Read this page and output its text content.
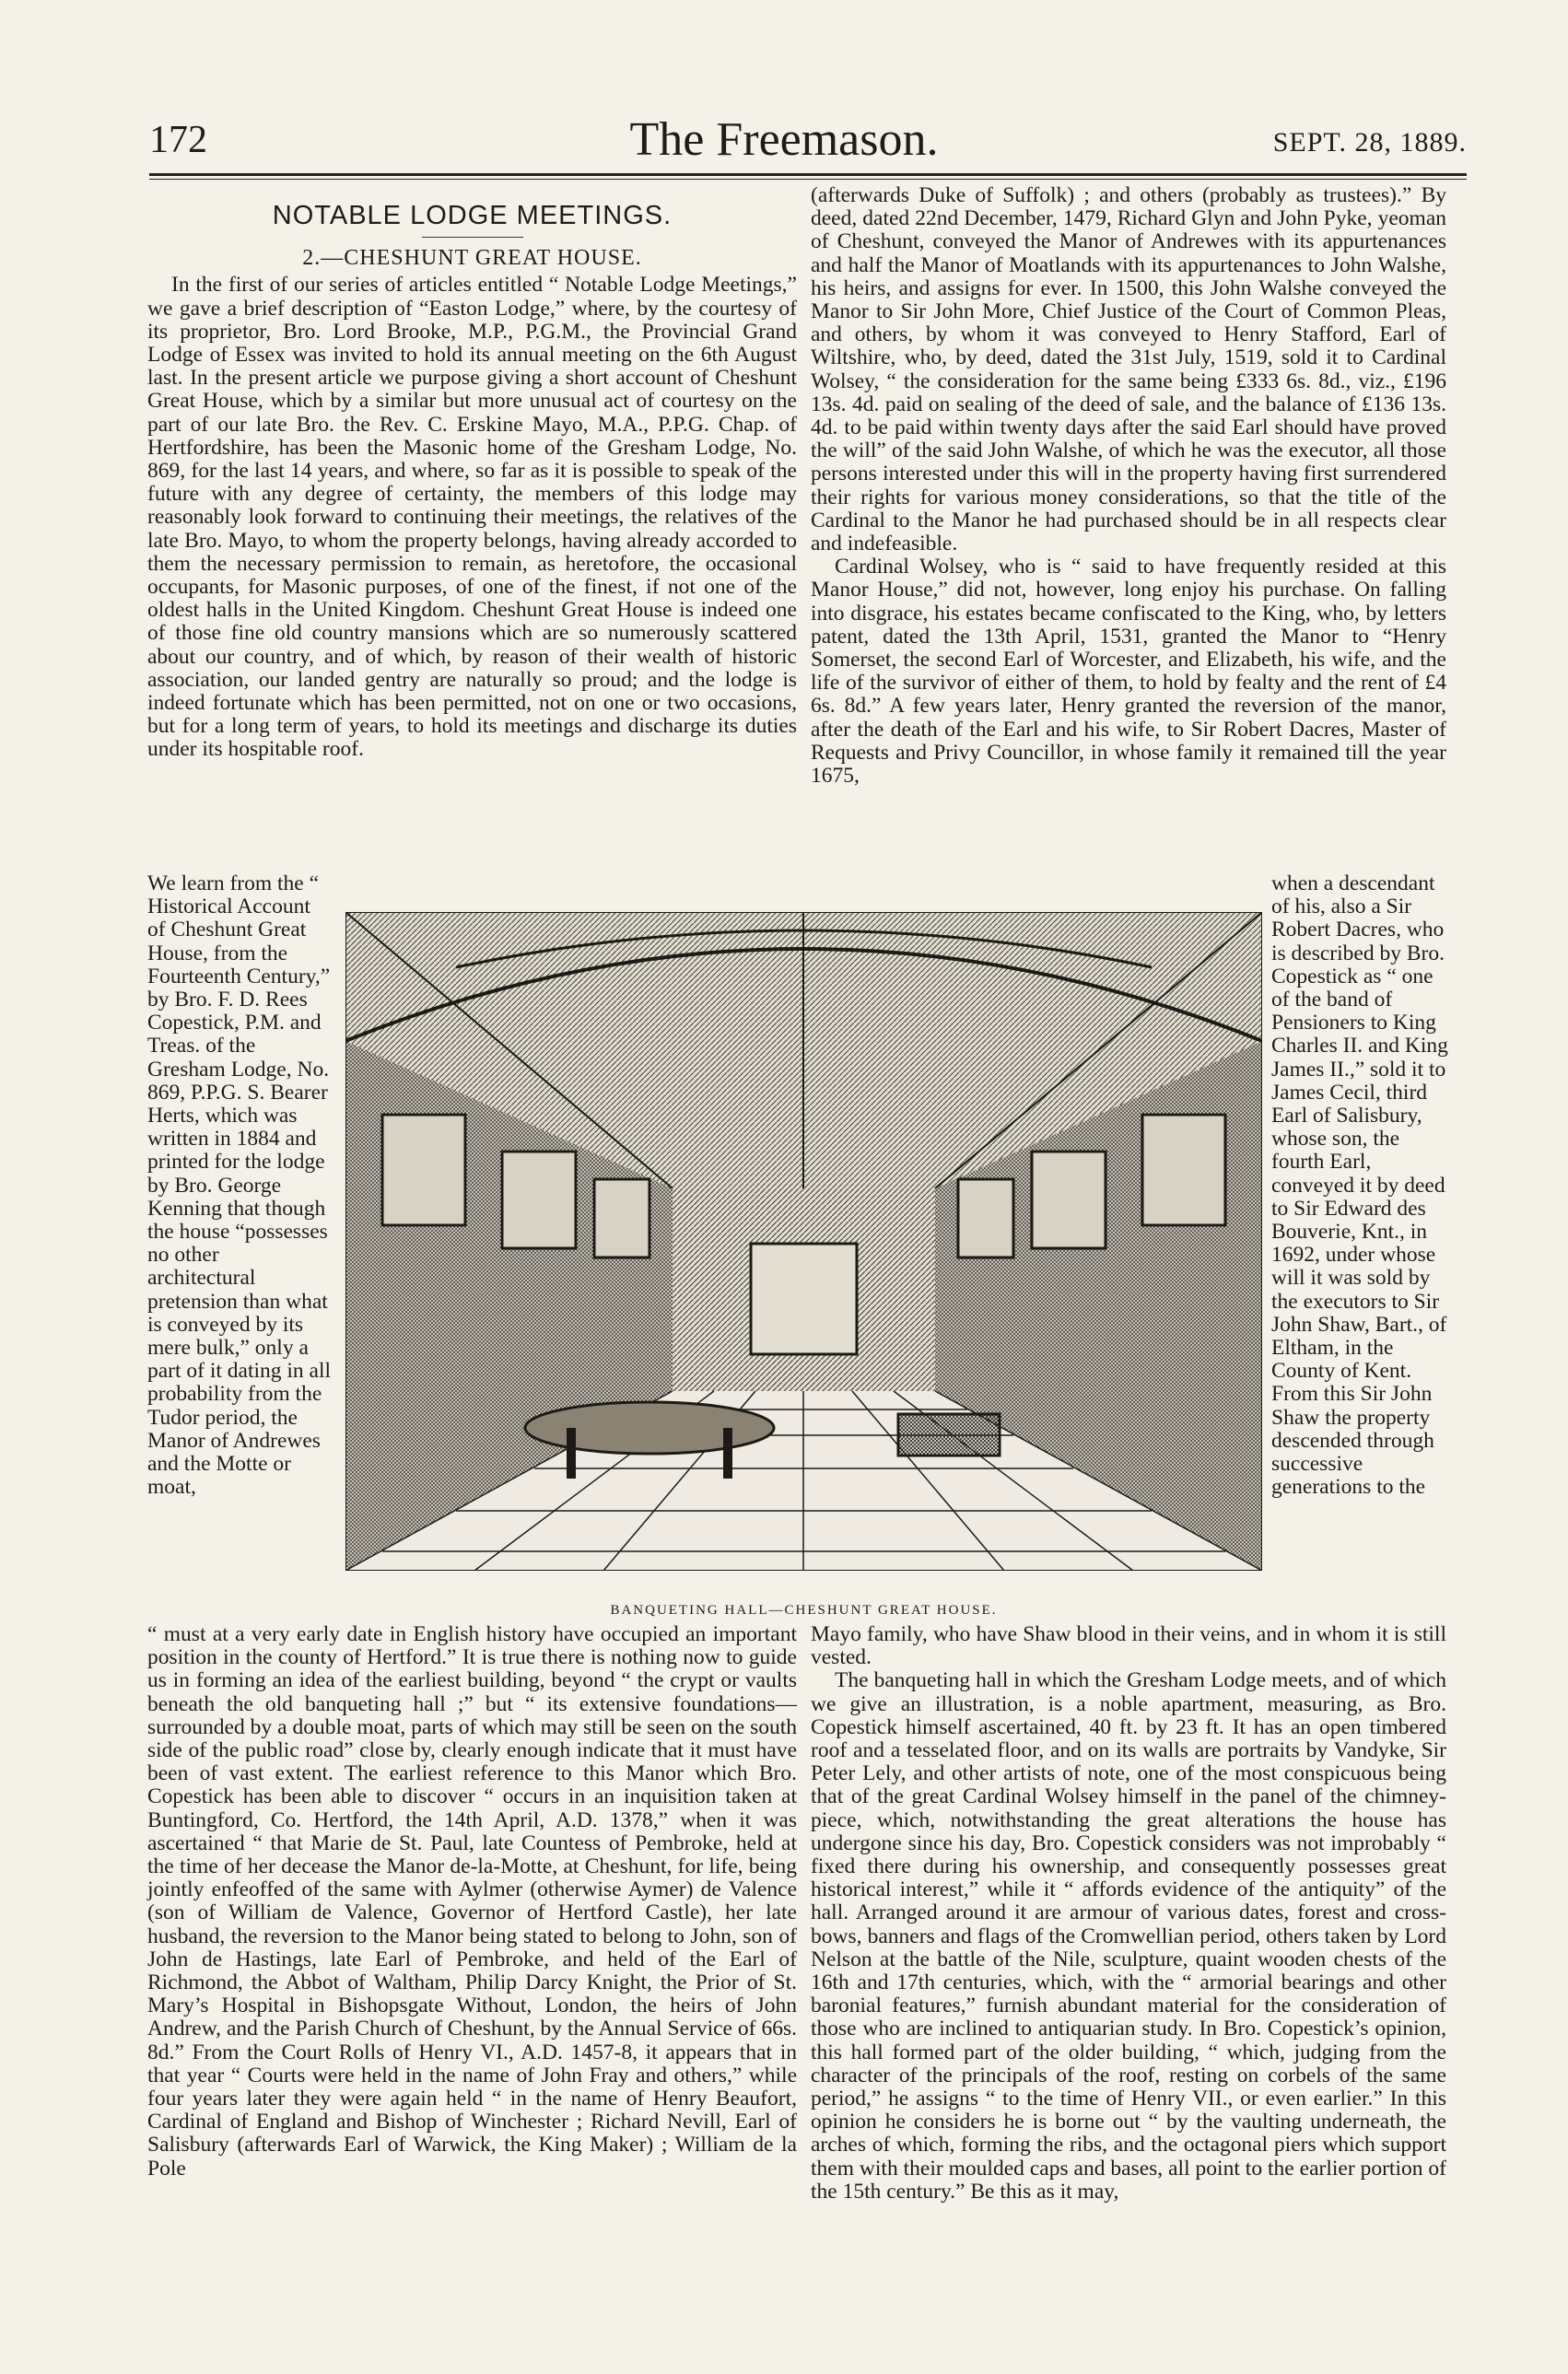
172	The Freemason.	SEPT. 28, 1889.
NOTABLE LODGE MEETINGS.
2.—CHESHUNT GREAT HOUSE.

In the first of our series of articles entitled “ Notable Lodge Meetings,” we gave a brief description of “Easton Lodge,” where, by the courtesy of its proprietor, Bro. Lord Brooke, M.P., P.G.M., the Provincial Grand Lodge of Essex was invited to hold its annual meeting on the 6th August last. In the present article we purpose giving a short account of Cheshunt Great House, which by a similar but more unusual act of courtesy on the part of our late Bro. the Rev. C. Erskine Mayo, M.A., P.P.G. Chap. of Hertfordshire, has been the Masonic home of the Gresham Lodge, No. 869, for the last 14 years, and where, so far as it is possible to speak of the future with any degree of certainty, the members of this lodge may reasonably look forward to continuing their meetings, the relatives of the late Bro. Mayo, to whom the property belongs, having already accorded to them the necessary permission to remain, as heretofore, the occasional occupants, for Masonic purposes, of one of the finest, if not one of the oldest halls in the United Kingdom. Cheshunt Great House is indeed one of those fine old country mansions which are so numerously scattered about our country, and of which, by reason of their wealth of historic association, our landed gentry are naturally so proud; and the lodge is indeed fortunate which has been permitted, not on one or two occasions, but for a long term of years, to hold its meetings and discharge its duties under its hospitable roof.

We learn from the “ Historical Account of Cheshunt Great House, from the Fourteenth Century,” by Bro. F. D. Rees Copestick, P.M. and Treas. of the Gresham Lodge, No. 869, P.P.G. S. Bearer Herts, which was written in 1884 and printed for the lodge by Bro. George Kenning that though the house “possesses no other architectural pretension than what is conveyed by its mere bulk,” only a part of it dating in all probability from the Tudor period, the Manor of Andrewes and the Motte or moat,

BANQUETING HALL—CHESHUNT GREAT HOUSE.

“ must at a very early date in English history have occupied an important position in the county of Hertford.” It is true there is nothing now to guide us in forming an idea of the earliest building, beyond “ the crypt or vaults beneath the old banqueting hall ;” but “ its extensive foundations—surrounded by a double moat, parts of which may still be seen on the south side of the public road” close by, clearly enough indicate that it must have been of vast extent. The earliest reference to this Manor which Bro. Copestick has been able to discover “ occurs in an inquisition taken at Buntingford, Co. Hertford, the 14th April, A.D. 1378,” when it was ascertained “ that Marie de St. Paul, late Countess of Pembroke, held at the time of her decease the Manor de-la-Motte, at Cheshunt, for life, being jointly enfeoffed of the same with Aylmer (otherwise Aymer) de Valence (son of William de Valence, Governor of Hertford Castle), her late husband, the reversion to the Manor being stated to belong to John, son of John de Hastings, late Earl of Pembroke, and held of the Earl of Richmond, the Abbot of Waltham, Philip Darcy Knight, the Prior of St. Mary’s Hospital in Bishopsgate Without, London, the heirs of John Andrew, and the Parish Church of Cheshunt, by the Annual Service of 66s. 8d.” From the Court Rolls of Henry VI., A.D. 1457-8, it appears that in that year “ Courts were held in the name of John Fray and others,” while four years later they were again held “ in the name of Henry Beaufort, Cardinal of England and Bishop of Winchester ; Richard Nevill, Earl of Salisbury (afterwards Earl of Warwick, the King Maker) ; William de la Pole

(afterwards Duke of Suffolk) ; and others (probably as trustees).” By deed, dated 22nd December, 1479, Richard Glyn and John Pyke, yeoman of Cheshunt, conveyed the Manor of Andrewes with its appurtenances and half the Manor of Moatlands with its appurtenances to John Walshe, his heirs, and assigns for ever. In 1500, this John Walshe conveyed the Manor to Sir John More, Chief Justice of the Court of Common Pleas, and others, by whom it was conveyed to Henry Stafford, Earl of Wiltshire, who, by deed, dated the 31st July, 1519, sold it to Cardinal Wolsey, “ the consideration for the same being £333 6s. 8d., viz., £196 13s. 4d. paid on sealing of the deed of sale, and the balance of £136 13s. 4d. to be paid within twenty days after the said Earl should have proved the will” of the said John Walshe, of which he was the executor, all those persons interested under this will in the property having first surrendered their rights for various money considerations, so that the title of the Cardinal to the Manor he had purchased should be in all respects clear and indefeasible.

Cardinal Wolsey, who is “ said to have frequently resided at this Manor House,” did not, however, long enjoy his purchase. On falling into disgrace, his estates became confiscated to the King, who, by letters patent, dated the 13th April, 1531, granted the Manor to “Henry Somerset, the second Earl of Worcester, and Elizabeth, his wife, and the life of the survivor of either of them, to hold by fealty and the rent of £4 6s. 8d.” A few years later, Henry granted the reversion of the manor, after the death of the Earl and his wife, to Sir Robert Dacres, Master of Requests and Privy Councillor, in whose family it remained till the year 1675,

when a descendant of his, also a Sir Robert Dacres, who is described by Bro. Copestick as “ one of the band of Pensioners to King Charles II. and King James II.,” sold it to James Cecil, third Earl of Salisbury, whose son, the fourth Earl, conveyed it by deed to Sir Edward des Bouverie, Knt., in 1692, under whose will it was sold by the executors to Sir John Shaw, Bart., of Eltham, in the County of Kent. From this Sir John Shaw the property descended through successive generations to the

Mayo family, who have Shaw blood in their veins, and in whom it is still vested.

The banqueting hall in which the Gresham Lodge meets, and of which we give an illustration, is a noble apartment, measuring, as Bro. Copestick himself ascertained, 40 ft. by 23 ft. It has an open timbered roof and a tesselated floor, and on its walls are portraits by Vandyke, Sir Peter Lely, and other artists of note, one of the most conspicuous being that of the great Cardinal Wolsey himself in the panel of the chimney-piece, which, notwithstanding the great alterations the house has undergone since his day, Bro. Copestick considers was not improbably “ fixed there during his ownership, and consequently possesses great historical interest,” while it “ affords evidence of the antiquity” of the hall. Arranged around it are armour of various dates, forest and cross-bows, banners and flags of the Cromwellian period, others taken by Lord Nelson at the battle of the Nile, sculpture, quaint wooden chests of the 16th and 17th centuries, which, with the “ armorial bearings and other baronial features,” furnish abundant material for the consideration of those who are inclined to antiquarian study. In Bro. Copestick’s opinion, this hall formed part of the older building, “ which, judging from the character of the principals of the roof, resting on corbels of the same period,” he assigns “ to the time of Henry VII., or even earlier.” In this opinion he considers he is borne out “ by the vaulting underneath, the arches of which, forming the ribs, and the octagonal piers which support them with their moulded caps and bases, all point to the earlier portion of the 15th century.” Be this as it may,
